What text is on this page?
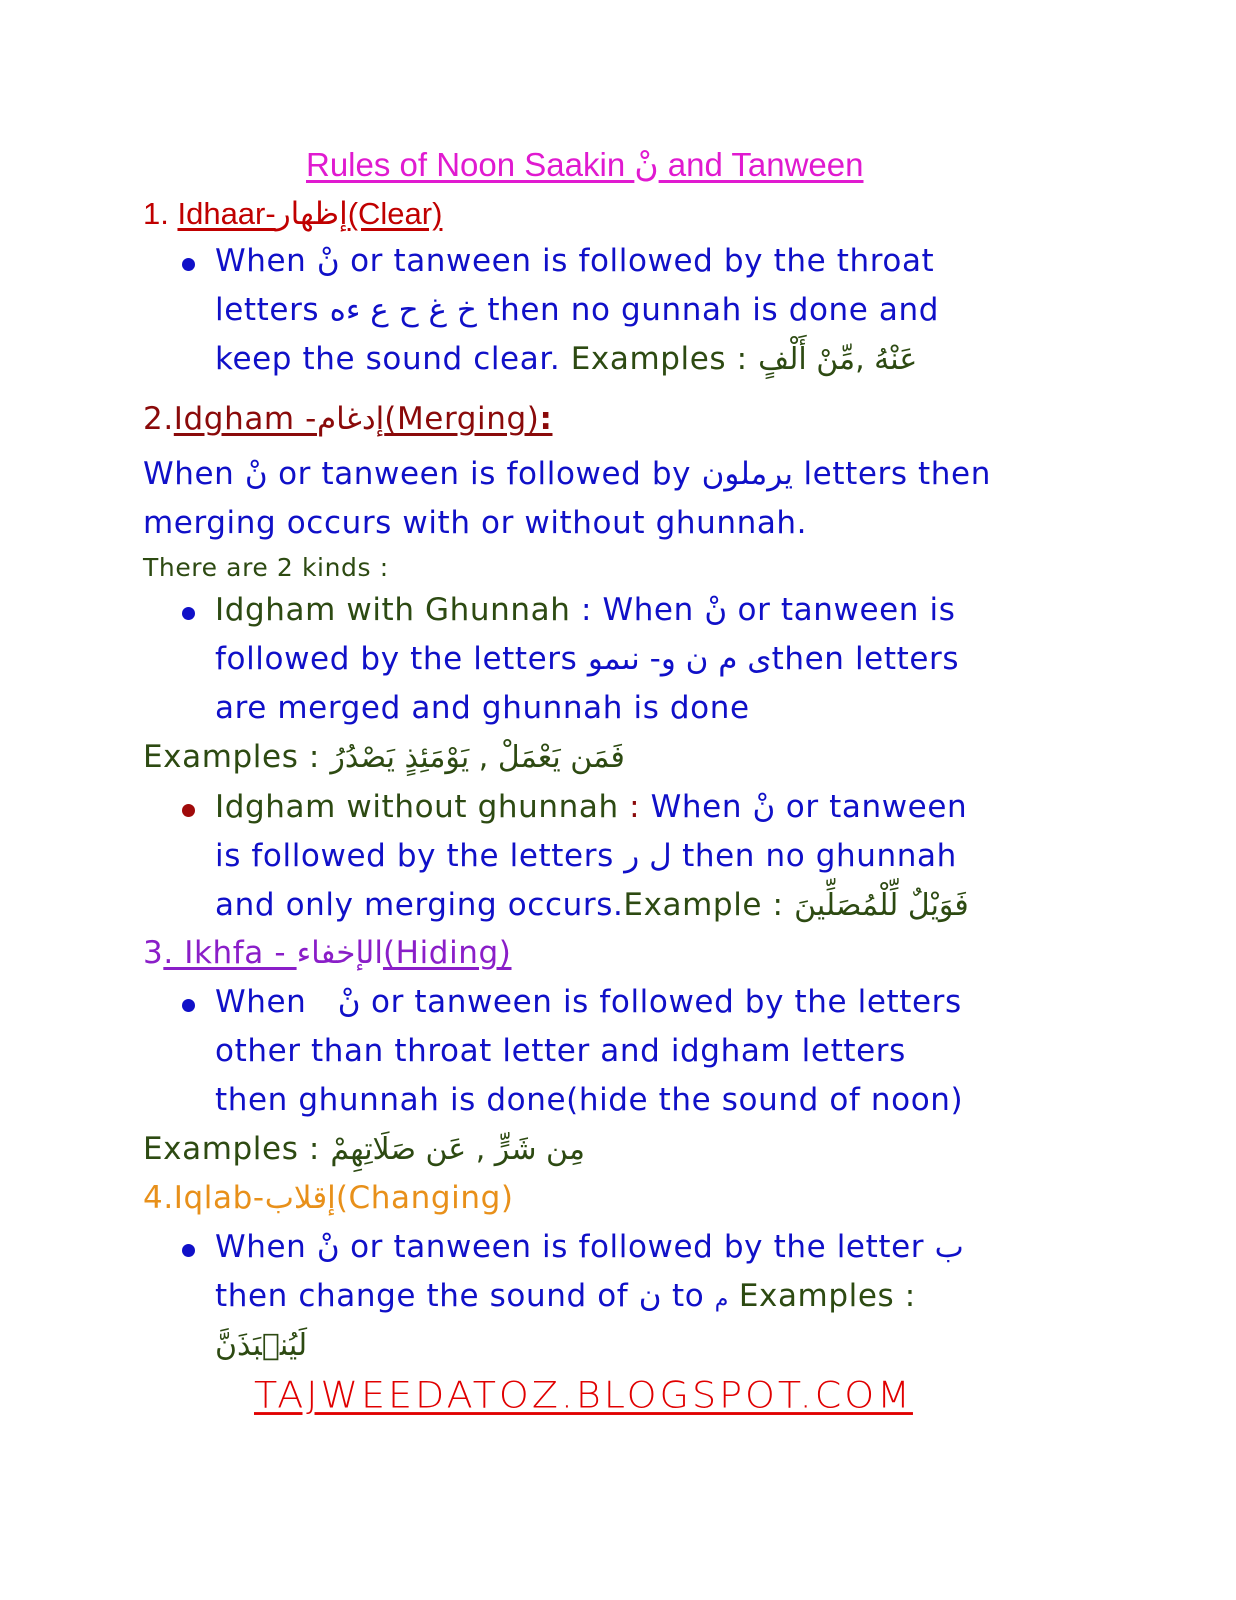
Rules of Noon Saakin نْ and Tanween
1. Idhaar-إظهار(Clear)
When نْ or tanween is followed by the throat
letters خ غ ح ع ءه then no gunnah is done and
keep the sound clear. Examples : عَنْهُ ,مِّنْ أَلْفٍ
2.Idgham -إدغام(Merging):
When نْ or tanween is followed by يرملون letters then
merging occurs with or without ghunnah.
There are 2 kinds :
Idgham with Ghunnah : When نْ or tanween is
followed by the letters ى م ن و- نىموthen letters
are merged and ghunnah is done
Examples : فَمَن يَعْمَلْ , يَوْمَئِذٍ يَصْدُرُ
Idgham without ghunnah : When نْ or tanween
is followed by the letters ل ر then no ghunnah
and only merging occurs.Example : فَوَيْلٌ لِّلْمُصَلِّينَ
3. Ikhfa - الإخفاء(Hiding)
When   نْ or tanween is followed by the letters
other than throat letter and idgham letters
then ghunnah is done(hide the sound of noon)
Examples : مِن شَرٍّ , عَن صَلَاتِهِمْ
4.Iqlab-إقلاب(Changing)
When نْ or tanween is followed by the letter ب
then change the sound of ن to م Examples :
لَيُنۢبَذَنَّ
TAJWEEDATOZ.BLOGSPOT.COM
